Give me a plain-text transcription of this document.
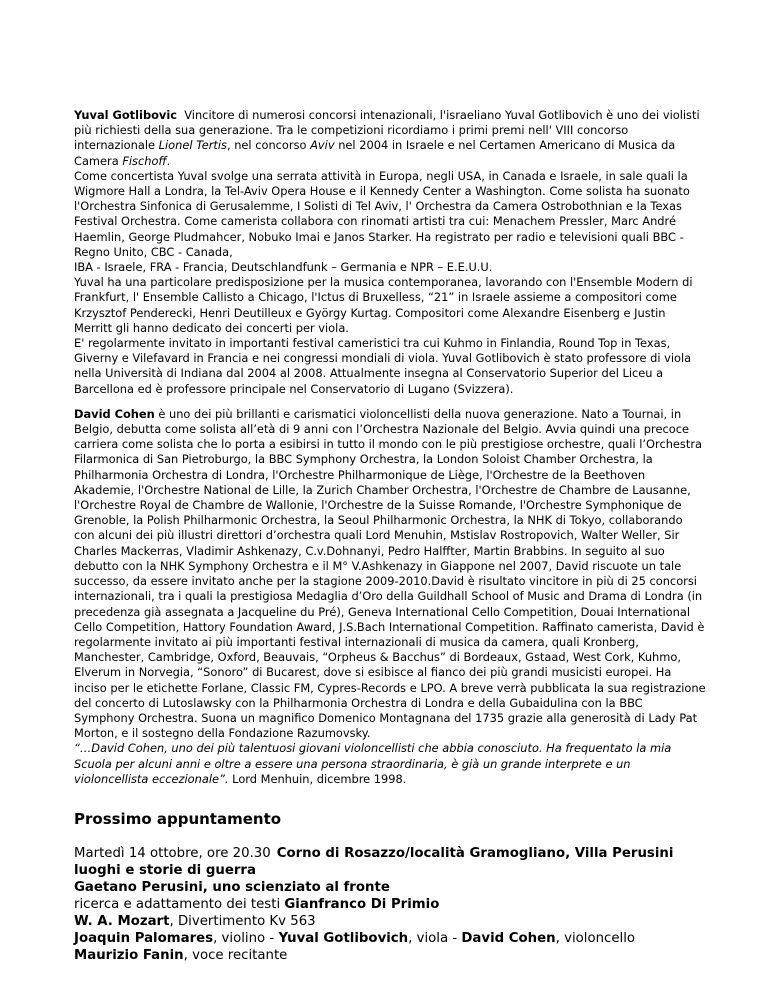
Yuval Gotlibovic Vincitore di numerosi concorsi intenazionali, l'israeliano Yuval Gotlibovich è uno dei violisti più richiesti della sua generazione. Tra le competizioni ricordiamo i primi premi nell' VIII concorso internazionale Lionel Tertis, nel concorso Aviv nel 2004 in Israele e nel Certamen Americano di Musica da Camera Fischoff.

Come concertista Yuval svolge una serrata attività in Europa, negli USA, in Canada e Israele, in sale quali la Wigmore Hall a Londra, la Tel-Aviv Opera House e il Kennedy Center a Washington. Come solista ha suonato l'Orchestra Sinfonica di Gerusalemme, I Solisti di Tel Aviv, l' Orchestra da Camera Ostrobothnian e la Texas Festival Orchestra. Come camerista collabora con rinomati artisti tra cui: Menachem Pressler, Marc André Haemlin, George Pludmahcer, Nobuko Imai e Janos Starker. Ha registrato per radio e televisioni quali BBC - Regno Unito, CBC - Canada,

IBA - Israele, FRA - Francia, Deutschlandfunk – Germania e NPR – E.E.U.U.

Yuval ha una particolare predisposizione per la musica contemporanea, lavorando con l'Ensemble Modern di Frankfurt, l' Ensemble Callisto a Chicago, l'Ictus di Bruxelless, “21” in Israele assieme a compositori come Krzysztof Penderecki, Henri Deutilleux e György Kurtag. Compositori come Alexandre Eisenberg e Justin Merritt gli hanno dedicato dei concerti per viola.

E' regolarmente invitato in importanti festival cameristici tra cui Kuhmo in Finlandia, Round Top in Texas, Giverny e Vilefavard in Francia e nei congressi mondiali di viola. Yuval Gotlibovich è stato professore di viola nella Università di Indiana dal 2004 al 2008. Attualmente insegna al Conservatorio Superior del Liceu a Barcellona ed è professore principale nel Conservatorio di Lugano (Svizzera).

David Cohen è uno dei più brillanti e carismatici violoncellisti della nuova generazione. Nato a Tournai, in Belgio, debutta come solista all’età di 9 anni con l’Orchestra Nazionale del Belgio. Avvia quindi una precoce carriera come solista che lo porta a esibirsi in tutto il mondo con le più prestigiose orchestre, quali l’Orchestra Filarmonica di San Pietroburgo, la BBC Symphony Orchestra, la London Soloist Chamber Orchestra, la Philharmonia Orchestra di Londra, l'Orchestre Philharmonique de Liège, l'Orchestre de la Beethoven Akademie, l'Orchestre National de Lille, la Zurich Chamber Orchestra, l'Orchestre de Chambre de Lausanne, l'Orchestre Royal de Chambre de Wallonie, l'Orchestre de la Suisse Romande, l'Orchestre Symphonique de Grenoble, la Polish Philharmonic Orchestra, la Seoul Philharmonic Orchestra, la NHK di Tokyo, collaborando con alcuni dei più illustri direttori d’orchestra quali Lord Menuhin, Mstislav Rostropovich, Walter Weller, Sir Charles Mackerras, Vladimir Ashkenazy, C.v.Dohnanyi, Pedro Halffter, Martin Brabbins. In seguito al suo debutto con la NHK Symphony Orchestra e il M° V.Ashkenazy in Giappone nel 2007, David riscuote un tale successo, da essere invitato anche per la stagione 2009-2010.David è risultato vincitore in più di 25 concorsi internazionali, tra i quali la prestigiosa Medaglia d’Oro della Guildhall School of Music and Drama di Londra (in precedenza già assegnata a Jacqueline du Pré), Geneva International Cello Competition, Douai International Cello Competition, Hattory Foundation Award, J.S.Bach International Competition. Raffinato camerista, David è regolarmente invitato ai più importanti festival internazionali di musica da camera, quali Kronberg, Manchester, Cambridge, Oxford, Beauvais, “Orpheus & Bacchus” di Bordeaux, Gstaad, West Cork, Kuhmo, Elverum in Norvegia, “Sonoro” di Bucarest, dove si esibisce al fianco dei più grandi musicisti europei. Ha inciso per le etichette Forlane, Classic FM, Cypres-Records e LPO. A breve verrà pubblicata la sua registrazione del concerto di Lutoslawsky con la Philharmonia Orchestra di Londra e della Gubaidulina con la BBC Symphony Orchestra. Suona un magnifico Domenico Montagnana del 1735 grazie alla generosità di Lady Pat Morton, e il sostegno della Fondazione Razumovsky.

“…David Cohen, uno dei più talentuosi giovani violoncellisti che abbia conosciuto. Ha frequentato la mia Scuola per alcuni anni e oltre a essere una persona straordinaria, è già un grande interprete e un violoncellista eccezionale”. Lord Menhuin, dicembre 1998.

Prossimo appuntamento

Martedì 14 ottobre, ore 20.30 Corno di Rosazzo/località Gramogliano, Villa Perusini

luoghi e storie di guerra

Gaetano Perusini, uno scienziato al fronte

ricerca e adattamento dei testi Gianfranco Di Primio

W. A. Mozart, Divertimento Kv 563

Joaquin Palomares, violino - Yuval Gotlibovich, viola - David Cohen, violoncello

Maurizio Fanin, voce recitante
